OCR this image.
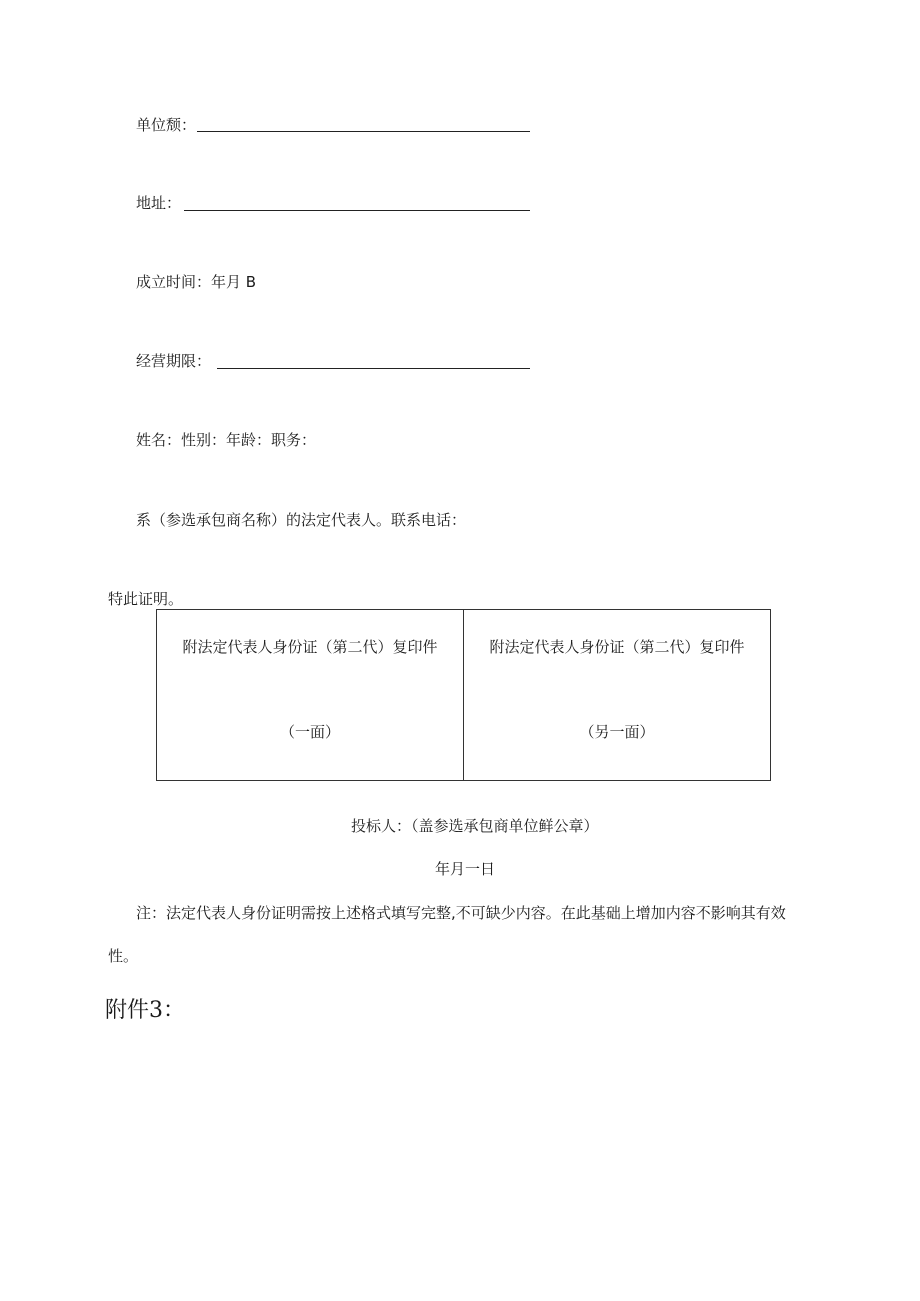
单位颓：
地址：
成立时间：年月 B
经营期限：
姓名：性别：年龄：职务：
系（参选承包商名称）的法定代表人。联系电话：
特此证明。
附法定代表人身份证（第二代）复印件
（一面）
附法定代表人身份证（第二代）复印件
（另一面）
投标人：（盖参选承包商单位鲜公章）
年月一日
注：法定代表人身份证明需按上述格式填写完整,不可缺少内容。在此基础上增加内容不影响其有效
性。
附件3：
